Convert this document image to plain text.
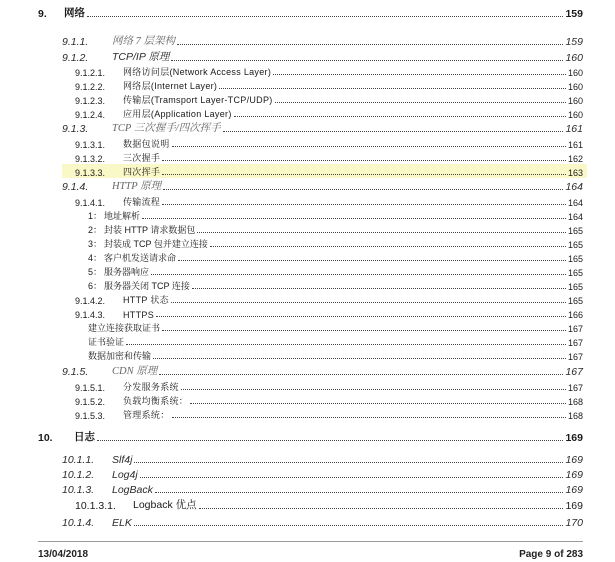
9.	网络	159
9.1.1.	网络 7 层架构	159
9.1.2.	TCP/IP 原理	160
9.1.2.1.	网络访问层(Network Access Layer)	160
9.1.2.2.	网络层(Internet Layer)	160
9.1.2.3.	传输层(Tramsport Layer-TCP/UDP)	160
9.1.2.4.	应用层(Application Layer)	160
9.1.3.	TCP 三次握手/四次挥手	161
9.1.3.1.	数据包说明	161
9.1.3.2.	三次握手	162
9.1.3.3.	四次挥手	163
9.1.4.	HTTP 原理	164
9.1.4.1.	传输流程	164
1： 地址解析	164
2： 封装 HTTP 请求数据包	165
3： 封装成 TCP 包并建立连接	165
4： 客户机发送请求命	165
5： 服务器响应	165
6： 服务器关闭 TCP 连接	165
9.1.4.2.	HTTP 状态	165
9.1.4.3.	HTTPS	166
建立连接获取证书	167
证书验证	167
数据加密和传输	167
9.1.5.	CDN 原理	167
9.1.5.1.	分发服务系统	167
9.1.5.2.	负载均衡系统：	168
9.1.5.3.	管理系统：	168
10.	日志	169
10.1.1.	Slf4j	169
10.1.2.	Log4j	169
10.1.3.	LogBack	169
10.1.3.1.	Logback 优点	169
10.1.4.	ELK	170
13/04/2018	Page 9 of 283
